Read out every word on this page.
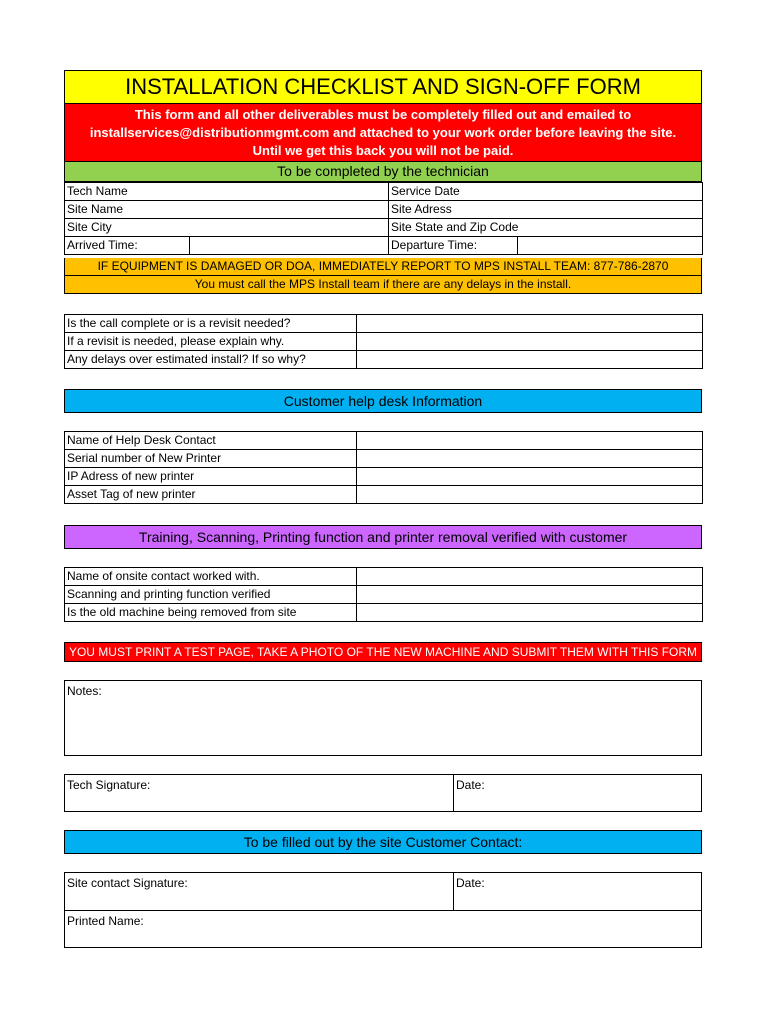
INSTALLATION CHECKLIST AND SIGN-OFF FORM
This form and all other deliverables must be completely filled out and emailed to
installservices@distributionmgmt.com and attached to your work order before leaving the site.
Until we get this back you will not be paid.
To be completed by the technician
Tech Name		Service Date	
Site Name		Site Adress	
Site City		Site State and Zip Code	
Arrived Time:		Departure Time:	
IF EQUIPMENT IS DAMAGED OR DOA, IMMEDIATELY REPORT TO MPS INSTALL TEAM: 877-786-2870
You must call the MPS Install team if there are any delays in the install.
Is the call complete or is a revisit needed?	
If a revisit is needed, please explain why.	
Any delays over estimated install? If so why?	
Customer help desk Information
Name of Help Desk Contact	
Serial number of New Printer	
IP Adress of new printer	
Asset Tag of new printer	
Training, Scanning, Printing function and printer removal verified with customer
Name of onsite contact worked with.	
Scanning and printing function verified	
Is the old machine being removed from site	
YOU MUST PRINT A TEST PAGE, TAKE A PHOTO OF THE NEW MACHINE AND SUBMIT THEM WITH THIS FORM
Notes:
Tech Signature:	Date:
To be filled out by the site Customer Contact:
Site contact Signature:	Date:
Printed Name:
